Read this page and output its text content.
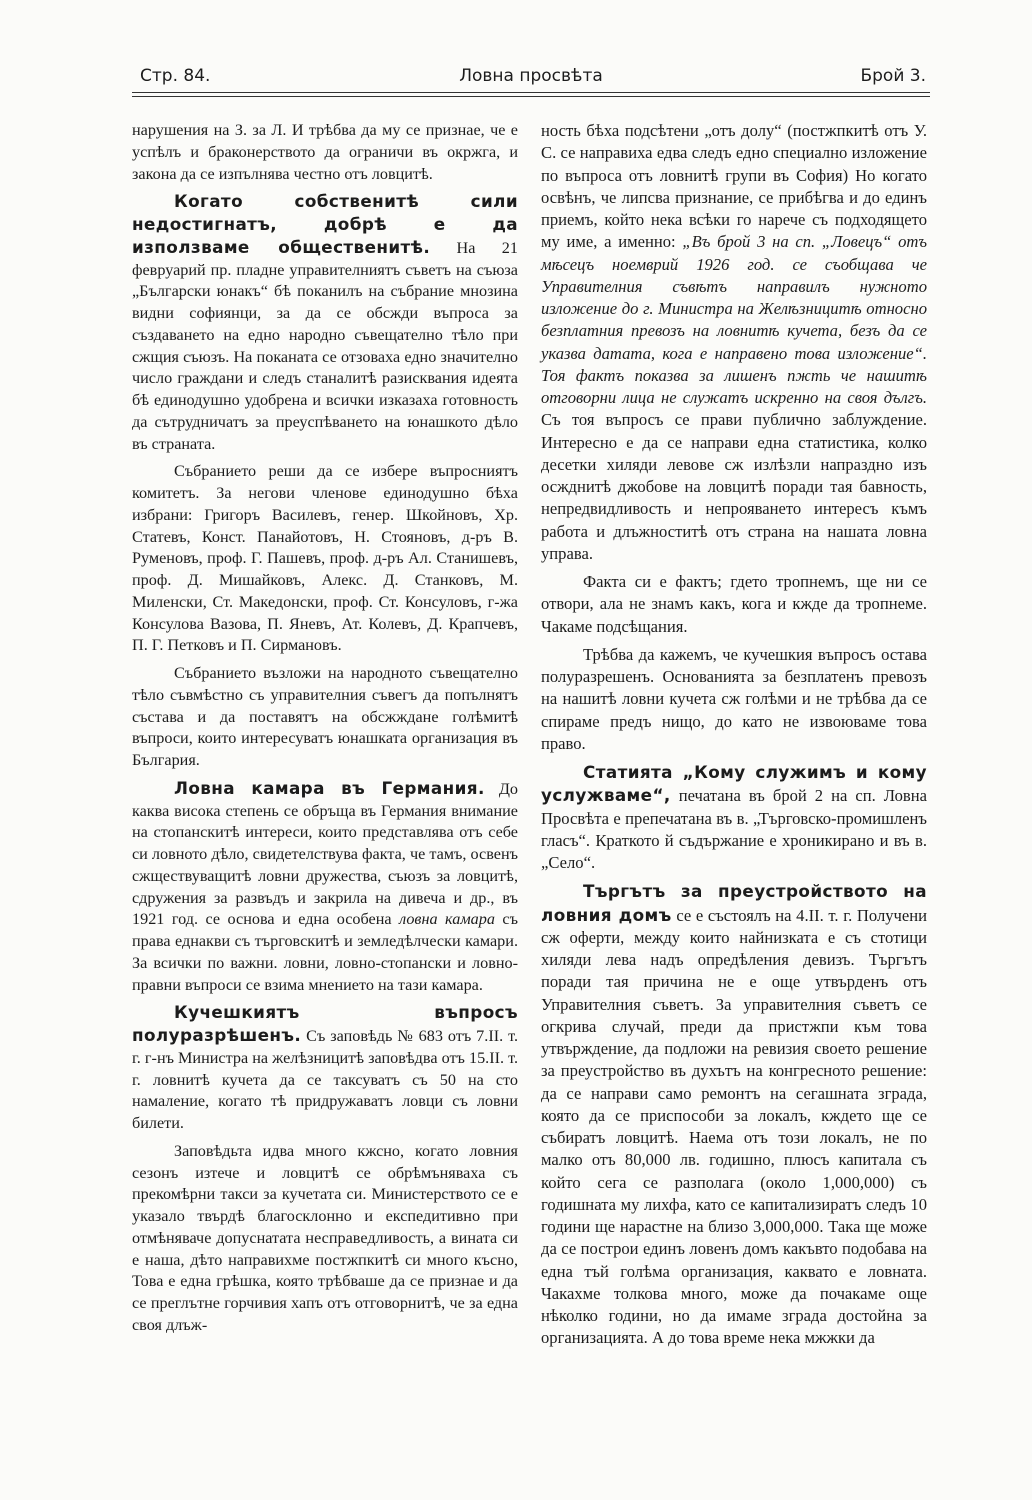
Стр. 84.	Ловна просвѣта	Брой 3.

нарушения на З. за Л. И трѣбва да му се признае, че е успѣлъ и браконерството да ограничи въ окржга, и закона да се изпълнява честно отъ ловцитѣ.

Когато собственитѣ сили недостигнатъ, добрѣ е да използваме общественитѣ. На 21 февруарий пр. пладне управителниятъ съветъ на съюза „Български юнакъ“ бѣ поканилъ на събрание мнозина видни софиянци, за да се обсжди въпроса за създаването на едно народно съвещателно тѣло при сжщия съюзъ. На поканата се отзоваха едно значително число граждани и следъ станалитѣ разисквания идеята бѣ единодушно удобрена и всички изказаха готовность да сътрудничатъ за преуспѣването на юнашкото дѣло въ страната.

Събранието реши да се избере въпросниятъ комитетъ. За негови членове единодушно бѣха избрани: Григоръ Василевъ, генер. Шкойновъ, Хр. Статевъ, Конст. Панайотовъ, Н. Стояновъ, д-ръ В. Руменовъ, проф. Г. Пашевъ, проф. д-ръ Ал. Станишевъ, проф. Д. Мишайковъ, Алекс. Д. Станковъ, М. Миленски, Ст. Македонски, проф. Ст. Консуловъ, г-жа Консулова Вазова, П. Яневъ, Ат. Колевъ, Д. Крапчевъ, П. Г. Петковъ и П. Сирмановъ.

Събранието възложи на народното съвещателно тѣло съвмѣстно съ управителния съвегъ да попълнятъ състава и да поставятъ на обсжждане голѣмитѣ въпроси, които интересуватъ юнашката организация въ България.

Ловна камара въ Германия. До каква висока степень се обръща въ Германия внимание на стопанскитѣ интереси, които представлява отъ себе си ловното дѣло, свидетелствува факта, че тамъ, освенъ сжществуващитѣ ловни дружества, съюзъ за ловцитѣ, сдружения за развъдъ и закрила на дивеча и др., въ 1921 год. се основа и една особена ловна камара съ права еднакви съ търговскитѣ и земледѣлчески камари. За всички по важни. ловни, ловно-стопански и ловно-правни въпроси се взима мнението на тази камара.

Кучешкиятъ въпросъ полуразрѣшенъ. Съ заповѣдь № 683 отъ 7.II. т. г. г-нъ Министра на желѣзницитѣ заповѣдва отъ 15.II. т. г. ловнитѣ кучета да се таксуватъ съ 50 на сто намаление, когато тѣ придружаватъ ловци съ ловни билети.

Заповѣдьта идва много кжсно, когато ловния сезонъ изтече и ловцитѣ се обрѣмъняваха съ прекомѣрни такси за кучетата си. Министерството се е указало твърдѣ благосклонно и експедитивно при отмѣняваче допуснатата несправедливость, а вината си е наша, дѣто направихме постжпкитѣ си много късно, Това е една грѣшка, която трѣбваше да се признае и да се преглътне горчивия хапъ отъ отговорнитѣ, че за една своя длъж-

ность бѣха подсѣтени „отъ долу“ (постжпкитѣ отъ У. С. се направиха едва следъ едно специално изложение по въпроса отъ ловнитѣ групи въ София) Но когато освѣнъ, че липсва признание, се прибѣгва и до единъ приемъ, който нека всѣки го нарече съ подходящето му име, а именно: „Въ брой 3 на сп. „Ловецъ“ отъ мѣсецъ ноемврий 1926 год. се съобщава че Управителния съвѣтъ направилъ нужното изложение до г. Министра на Желѣзницитѣ относно безплатния превозъ на ловнитѣ кучета, безъ да се указва датата, кога е направено това изложение“. Тоя фактъ показва за лишенъ пжть че нашитѣ отговорни лица не служатъ искренно на своя дългъ. Съ тоя въпросъ се прави публично заблуждение. Интересно е да се направи една статистика, колко десетки хиляди левове сж излѣзли напраздно изъ осжднитѣ джобове на ловцитѣ поради тая бавность, непредвидливость и непрояването интересъ къмъ работа и длъжноститѣ отъ страна на нашата ловна управа.

Факта си е фактъ; гдето тропнемъ, ще ни се отвори, ала не знамъ какъ, кога и кжде да тропнеме. Чакаме подсѣщания.

Трѣбва да кажемъ, че кучешкия въпросъ остава полуразрешенъ. Основанията за безплатенъ превозъ на нашитѣ ловни кучета сж голѣми и не трѣбва да се спираме предъ нищо, до като не извоюваме това право.

Статията „Кому служимъ и кому услужваме“, печатана въ брой 2 на сп. Ловна Просвѣта е препечатана въ в. „Търговско-промишленъ гласъ“. Краткото й съдържание е хроникирано и въ в. „Село“.

Търгътъ за преустройството на ловния домъ се е състоялъ на 4.II. т. г. Получени сж оферти, между които найнизката е съ стотици хиляди лева надъ опредѣления девизъ. Търгътъ поради тая причина не е още утвърденъ отъ Управителния съветъ. За управителния съветъ се огкрива случай, преди да пристжпи към това утвърждение, да подложи на ревизия своето решение за преустройство въ духътъ на конгресното решение: да се направи само ремонтъ на сегашната зграда, която да се приспособи за локалъ, кждето ще се събиратъ ловцитѣ. Наема отъ този локалъ, не по малко отъ 80,000 лв. годишно, плюсъ капитала съ който сега се разполага (около 1,000,000) съ годишната му лихфа, като се капитализиратъ следъ 10 години ще нарастне на близо 3,000,000. Така ще може да се построи единъ ловенъ домъ какъвто подобава на една тъй голѣма организация, каквато е ловната. Чакахме толкова много, може да почакаме още нѣколко години, но да имаме зграда достойна за организацията. А до това време нека мжжки да
